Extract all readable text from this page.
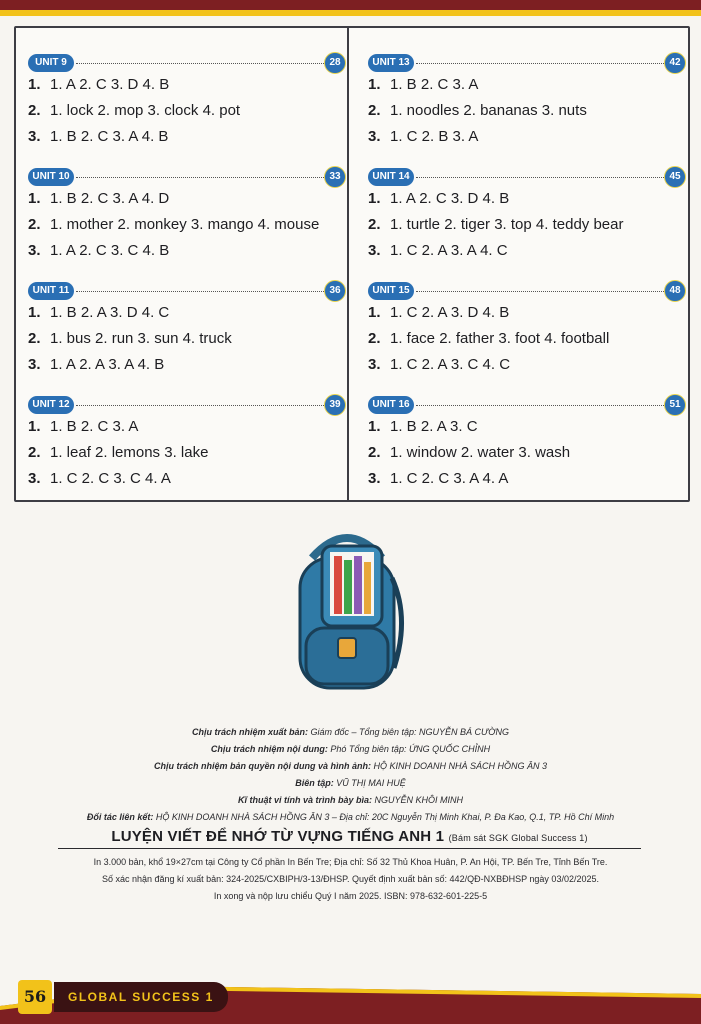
UNIT 9	28
1. 1. A 2. C 3. D 4. B
2. 1. lock 2. mop 3. clock 4. pot
3. 1. B 2. C 3. A 4. B
UNIT 10	33
1. 1. B 2. C 3. A 4. D
2. 1. mother 2. monkey 3. mango 4. mouse
3. 1. A 2. C 3. C 4. B
UNIT 11	36
1. 1. B 2. A 3. D 4. C
2. 1. bus 2. run 3. sun 4. truck
3. 1. A 2. A 3. A 4. B
UNIT 12	39
1. 1. B 2. C 3. A
2. 1. leaf 2. lemons 3. lake
3. 1. C 2. C 3. C 4. A
UNIT 13	42
1. 1. B 2. C 3. A
2. 1. noodles 2. bananas 3. nuts
3. 1. C 2. B 3. A
UNIT 14	45
1. 1. A 2. C 3. D 4. B
2. 1. turtle 2. tiger 3. top 4. teddy bear
3. 1. C 2. A 3. A 4. C
UNIT 15	48
1. 1. C 2. A 3. D 4. B
2. 1. face 2. father 3. foot 4. football
3. 1. C 2. A 3. C 4. C
UNIT 16	51
1. 1. B 2. A 3. C
2. 1. window 2. water 3. wash
3. 1. C 2. C 3. A 4. A
Chịu trách nhiệm xuất bản: Giám đốc – Tổng biên tập: NGUYỄN BÁ CƯỜNG
Chịu trách nhiệm nội dung: Phó Tổng biên tập: ỨNG QUỐC CHỈNH
Chịu trách nhiệm bản quyền nội dung và hình ảnh: HỘ KINH DOANH NHÀ SÁCH HỒNG ÂN 3
Biên tập: VŨ THỊ MAI HUỆ
Kĩ thuật vi tính và trình bày bìa: NGUYỄN KHÔI MINH
Đối tác liên kết: HỘ KINH DOANH NHÀ SÁCH HỒNG ÂN 3 – Địa chỉ: 20C Nguyễn Thị Minh Khai, P. Đa Kao, Q.1, TP. Hồ Chí Minh
LUYỆN VIẾT ĐỂ NHỚ TỪ VỰNG TIẾNG ANH 1 (Bám sát SGK Global Success 1)
In 3.000 bản, khổ 19×27cm tại Công ty Cổ phần In Bến Tre; Địa chỉ: Số 32 Thủ Khoa Huân, P. An Hội, TP. Bến Tre, Tỉnh Bến Tre.
Số xác nhận đăng kí xuất bản: 324-2025/CXBIPH/3-13/ĐHSP. Quyết định xuất bản số: 442/QĐ-NXBĐHSP ngày 03/02/2025.
In xong và nộp lưu chiểu Quý I năm 2025. ISBN: 978-632-601-225-5
56	GLOBAL SUCCESS 1
